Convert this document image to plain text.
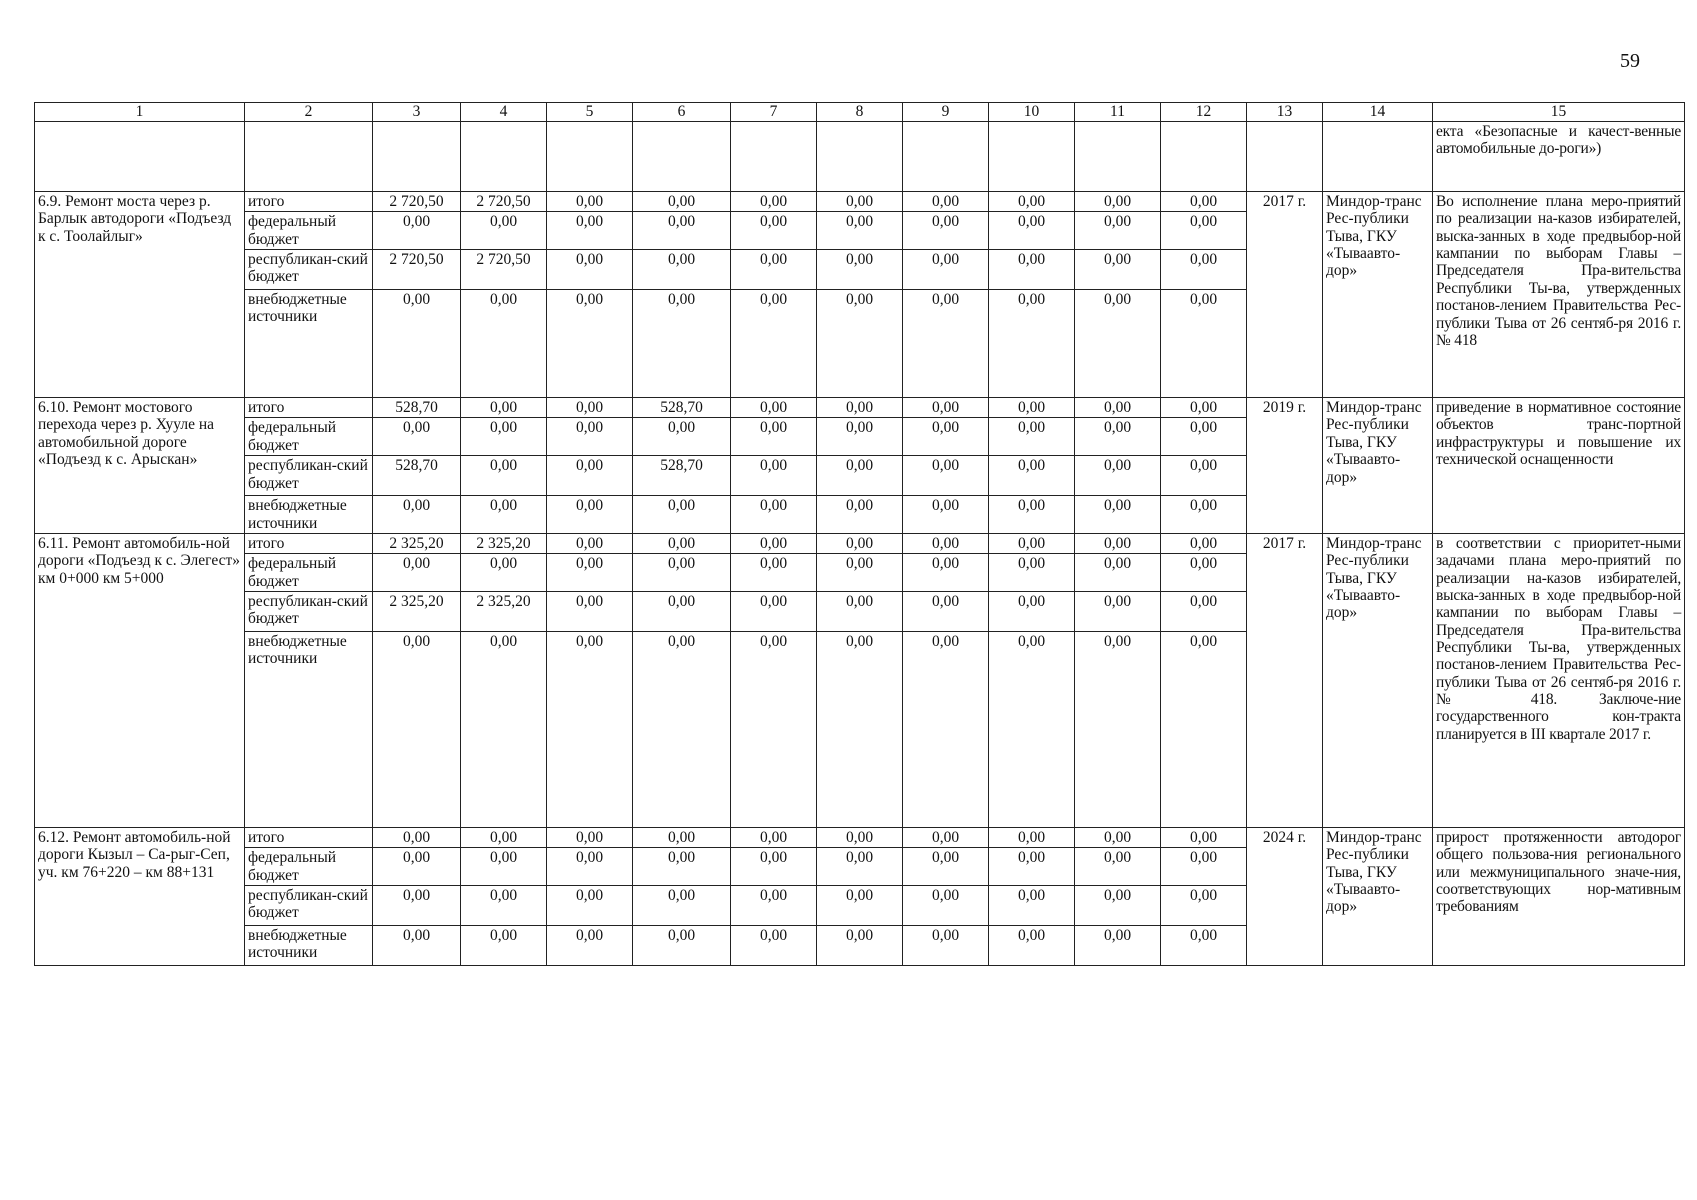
59
1	2	3	4	5	6	7	8	9	10	11	12	13	14	15
														екта «Безопасные и качест-венные автомобильные до-роги»)
6.9. Ремонт моста через р. Барлык автодороги «Подъезд к с. Тоолайлыг»	итого	2 720,50	2 720,50	0,00	0,00	0,00	0,00	0,00	0,00	0,00	0,00	2017 г.	Миндор-транс Рес-публики Тыва, ГКУ «Тываавто-дор»	Во исполнение плана меро-приятий по реализации на-казов избирателей, выска-занных в ходе предвыбор-ной кампании по выборам Главы – Председателя Пра-вительства Республики Ты-ва, утвержденных постанов-лением Правительства Рес-публики Тыва от 26 сентяб-ря 2016 г. № 418
	федеральный бюджет	0,00	0,00	0,00	0,00	0,00	0,00	0,00	0,00	0,00	0,00			
	республикан-ский бюджет	2 720,50	2 720,50	0,00	0,00	0,00	0,00	0,00	0,00	0,00	0,00			
	внебюджетные источники	0,00	0,00	0,00	0,00	0,00	0,00	0,00	0,00	0,00	0,00			
6.10. Ремонт мостового перехода через р. Хууле на автомобильной дороге «Подъезд к с. Арыскан»	итого	528,70	0,00	0,00	528,70	0,00	0,00	0,00	0,00	0,00	0,00	2019 г.	Миндор-транс Рес-публики Тыва, ГКУ «Тываавто-дор»	приведение в нормативное состояние объектов транс-портной инфраструктуры и повышение их технической оснащенности
	федеральный бюджет	0,00	0,00	0,00	0,00	0,00	0,00	0,00	0,00	0,00	0,00			
	республикан-ский бюджет	528,70	0,00	0,00	528,70	0,00	0,00	0,00	0,00	0,00	0,00			
	внебюджетные источники	0,00	0,00	0,00	0,00	0,00	0,00	0,00	0,00	0,00	0,00			
6.11. Ремонт автомобиль-ной дороги «Подъезд к с. Элегест» км 0+000 км 5+000	итого	2 325,20	2 325,20	0,00	0,00	0,00	0,00	0,00	0,00	0,00	0,00	2017 г.	Миндор-транс Рес-публики Тыва, ГКУ «Тываавто-дор»	в соответствии с приоритет-ными задачами плана меро-приятий по реализации на-казов избирателей, выска-занных в ходе предвыбор-ной кампании по выборам Главы – Председателя Пра-вительства Республики Ты-ва, утвержденных постанов-лением Правительства Рес-публики Тыва от 26 сентяб-ря 2016 г. № 418. Заключе-ние государственного кон-тракта планируется в III квартале 2017 г.
	федеральный бюджет	0,00	0,00	0,00	0,00	0,00	0,00	0,00	0,00	0,00	0,00			
	республикан-ский бюджет	2 325,20	2 325,20	0,00	0,00	0,00	0,00	0,00	0,00	0,00	0,00			
	внебюджетные источники	0,00	0,00	0,00	0,00	0,00	0,00	0,00	0,00	0,00	0,00			
6.12. Ремонт автомобиль-ной дороги Кызыл – Са-рыг-Сеп, уч. км 76+220 – км 88+131	итого	0,00	0,00	0,00	0,00	0,00	0,00	0,00	0,00	0,00	0,00	2024 г.	Миндор-транс Рес-публики Тыва, ГКУ «Тываавто-дор»	прирост протяженности автодорог общего пользова-ния регионального или межмуниципального значе-ния, соответствующих нор-мативным требованиям
	федеральный бюджет	0,00	0,00	0,00	0,00	0,00	0,00	0,00	0,00	0,00	0,00			
	республикан-ский бюджет	0,00	0,00	0,00	0,00	0,00	0,00	0,00	0,00	0,00	0,00			
	внебюджетные источники	0,00	0,00	0,00	0,00	0,00	0,00	0,00	0,00	0,00	0,00			
